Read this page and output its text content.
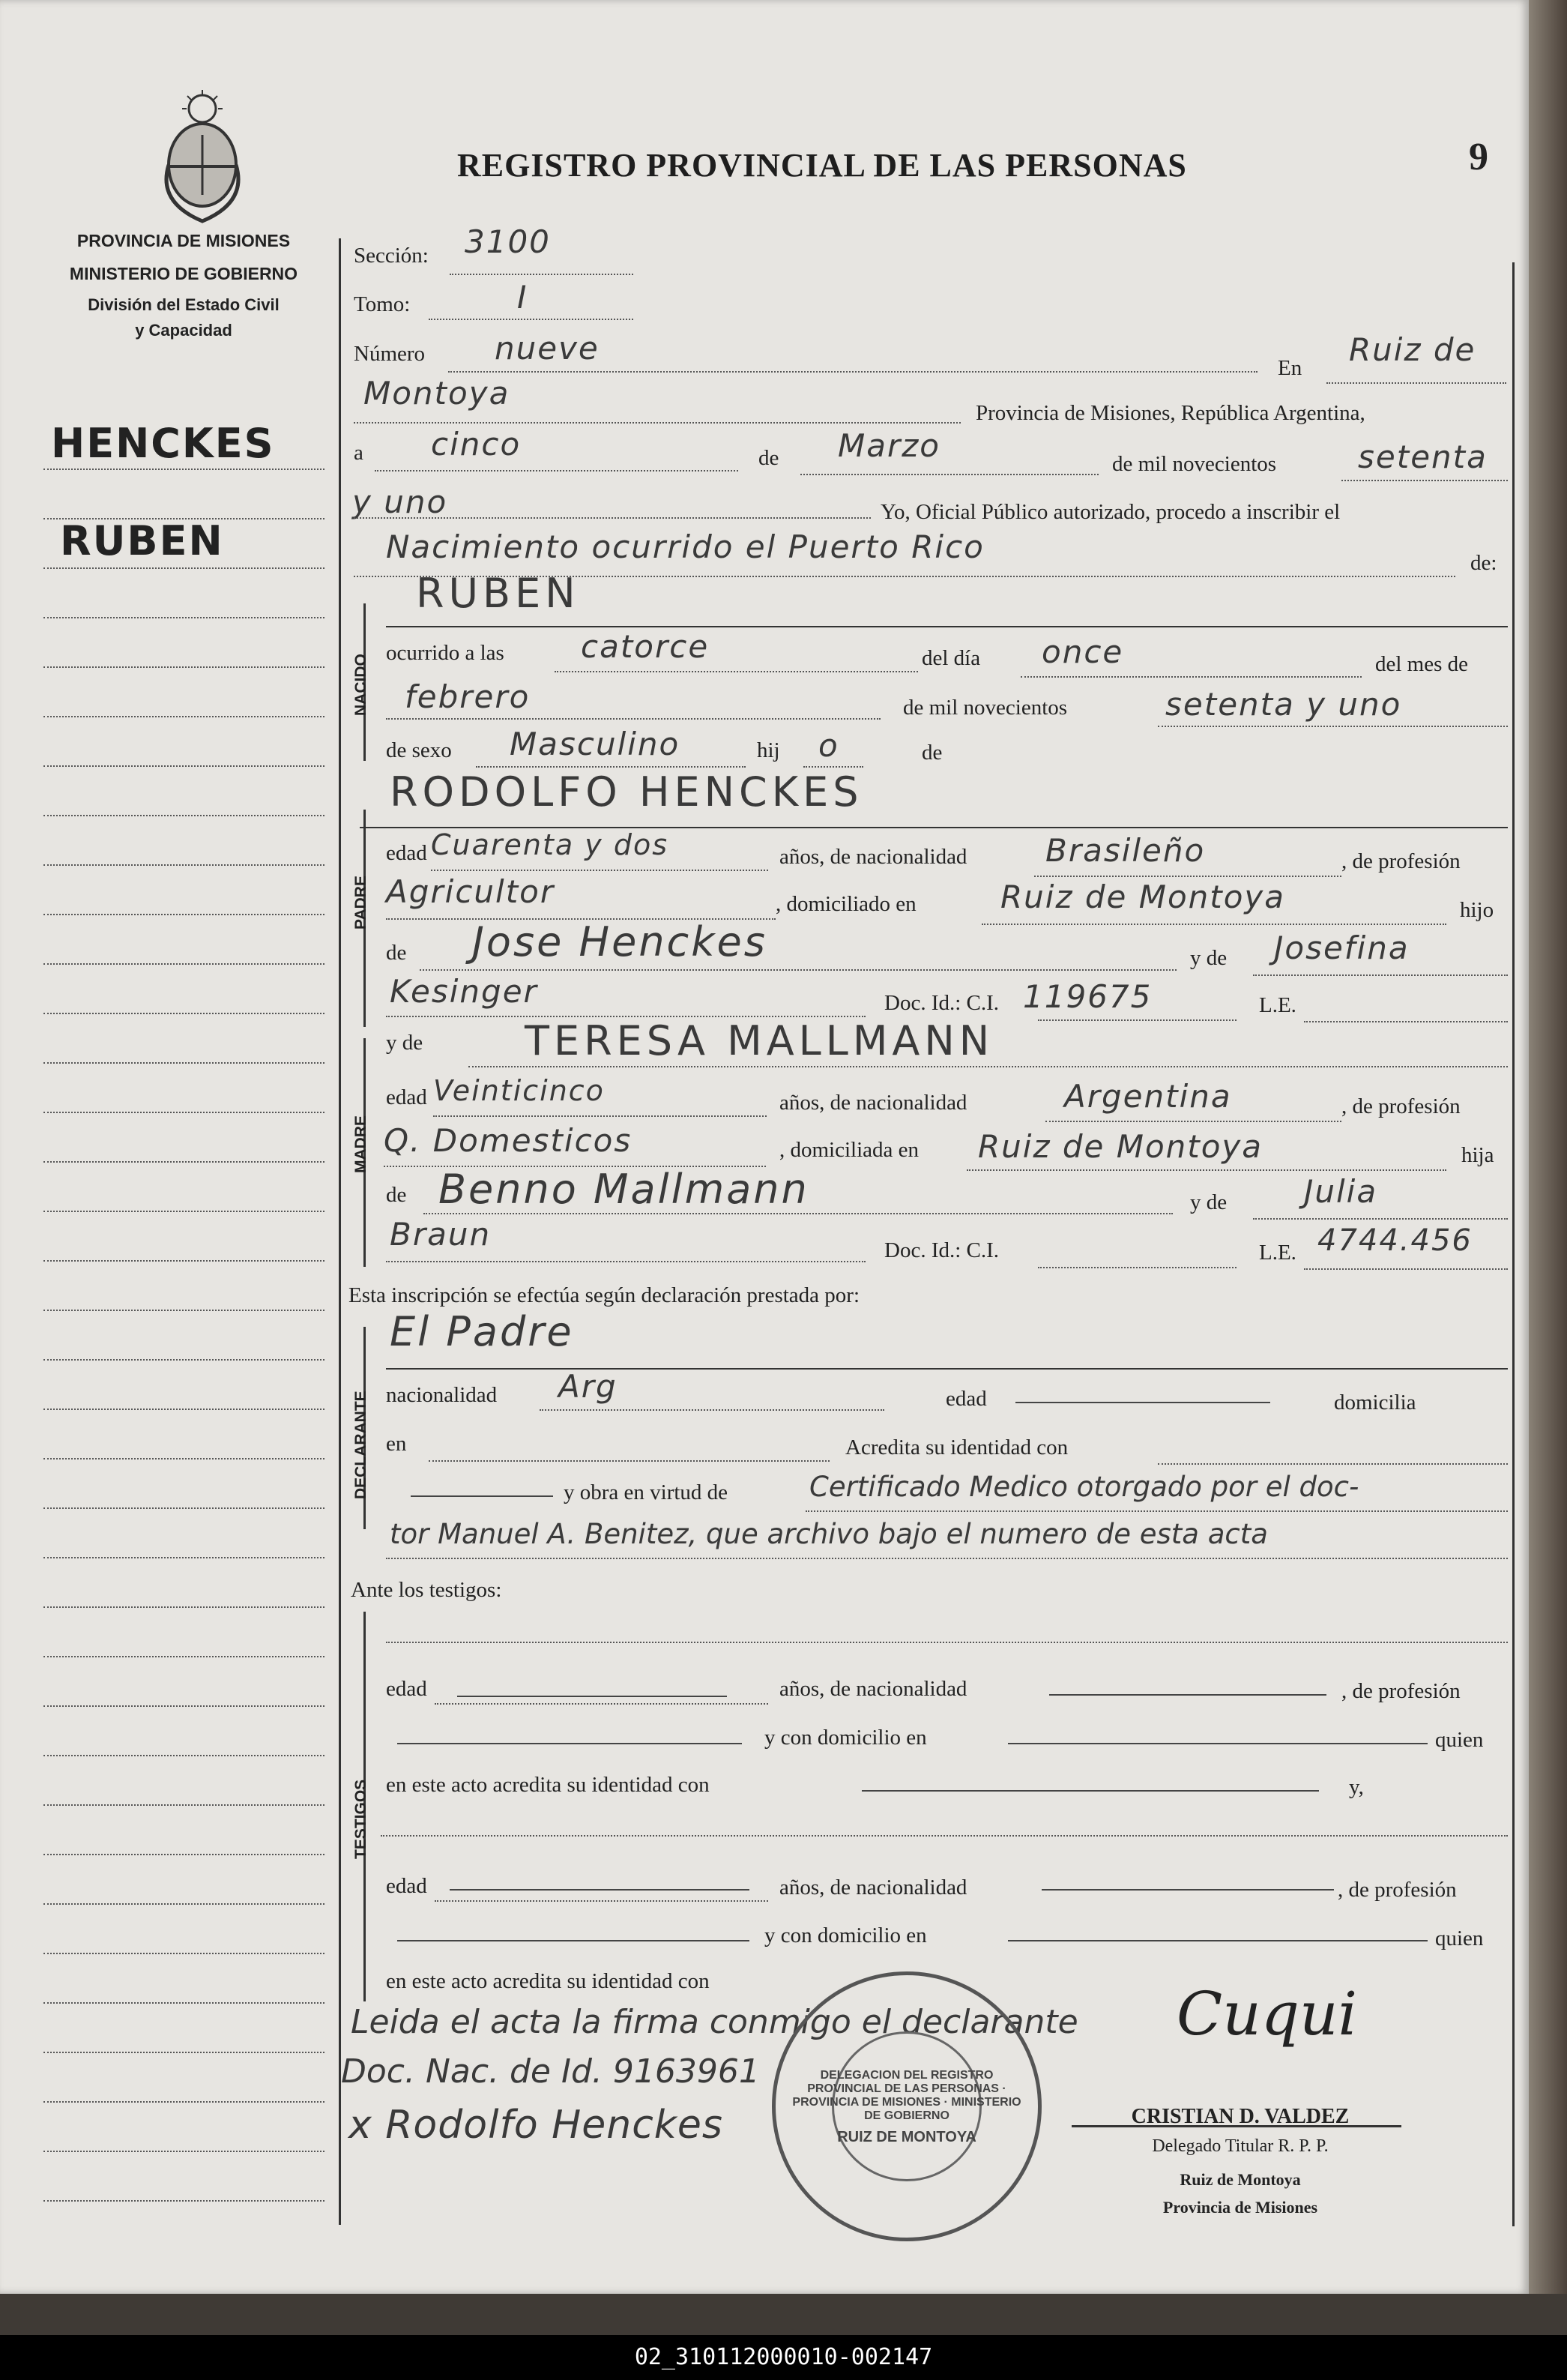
02_310112000010-002147
PROVINCIA DE MISIONES
MINISTERIO DE GOBIERNO
División del Estado Civil
y Capacidad
REGISTRO PROVINCIAL DE LAS PERSONAS	9
HENCKES
RUBEN
Sección: 3100
Tomo:	I
Número nueve
En Ruiz de
Montoya
Provincia de Misiones, República Argentina,
a cinco	de Marzo	de mil novecientos	setenta
y uno	Yo, Oficial Público autorizado, procedo a inscribir el
Nacimiento ocurrido el Puerto Rico	de:
NACIDO
RUBEN
ocurrido a las catorce	del día once	del mes de
febrero	de mil novecientos	setenta y uno
de sexo Masculino	hij o	de
RODOLFO HENCKES
PADRE
edad Cuarenta y dos	años, de nacionalidad Brasileño	, de profesión
Agricultor	, domiciliado en	Ruiz de Montoya	hijo
de Jose Henckes	y de Josefina
Kesinger	Doc. Id.: C.I. 119675	L.E.
MADRE
y de	TERESA MALLMANN
edad Veinticinco	años, de nacionalidad	Argentina	, de profesión
Q. Domesticos	, domiciliada en Ruiz de Montoya	hija
de Benno Mallmann	y de Julia
Braun	Doc. Id.: C.I.	L.E. 4744.456
Esta inscripción se efectúa según declaración prestada por:
DECLARANTE
El Padre
nacionalidad Arg	edad	domicilia
en	Acredita su identidad con
y obra en virtud de	Certificado Medico otorgado por el doc-
tor Manuel A. Benitez, que archivo bajo el numero de esta acta
Ante los testigos:
TESTIGOS
edad	años, de nacionalidad	, de profesión
y con domicilio en	quien
en este acto acredita su identidad con	y,
edad	años, de nacionalidad	, de profesión
y con domicilio en	quien
en este acto acredita su identidad con
Leida el acta la firma conmigo el declarante
Doc. Nac. de Id. 9163961
x Rodolfo Henckes
DELEGACION DEL REGISTRO PROVINCIAL DE LAS PERSONAS · PROVINCIA DE MISIONES · MINISTERIO DE GOBIERNO
RUIZ DE MONTOYA
Cuqui
CRISTIAN D. VALDEZ
Delegado Titular R. P. P.
Ruiz de Montoya
Provincia de Misiones
